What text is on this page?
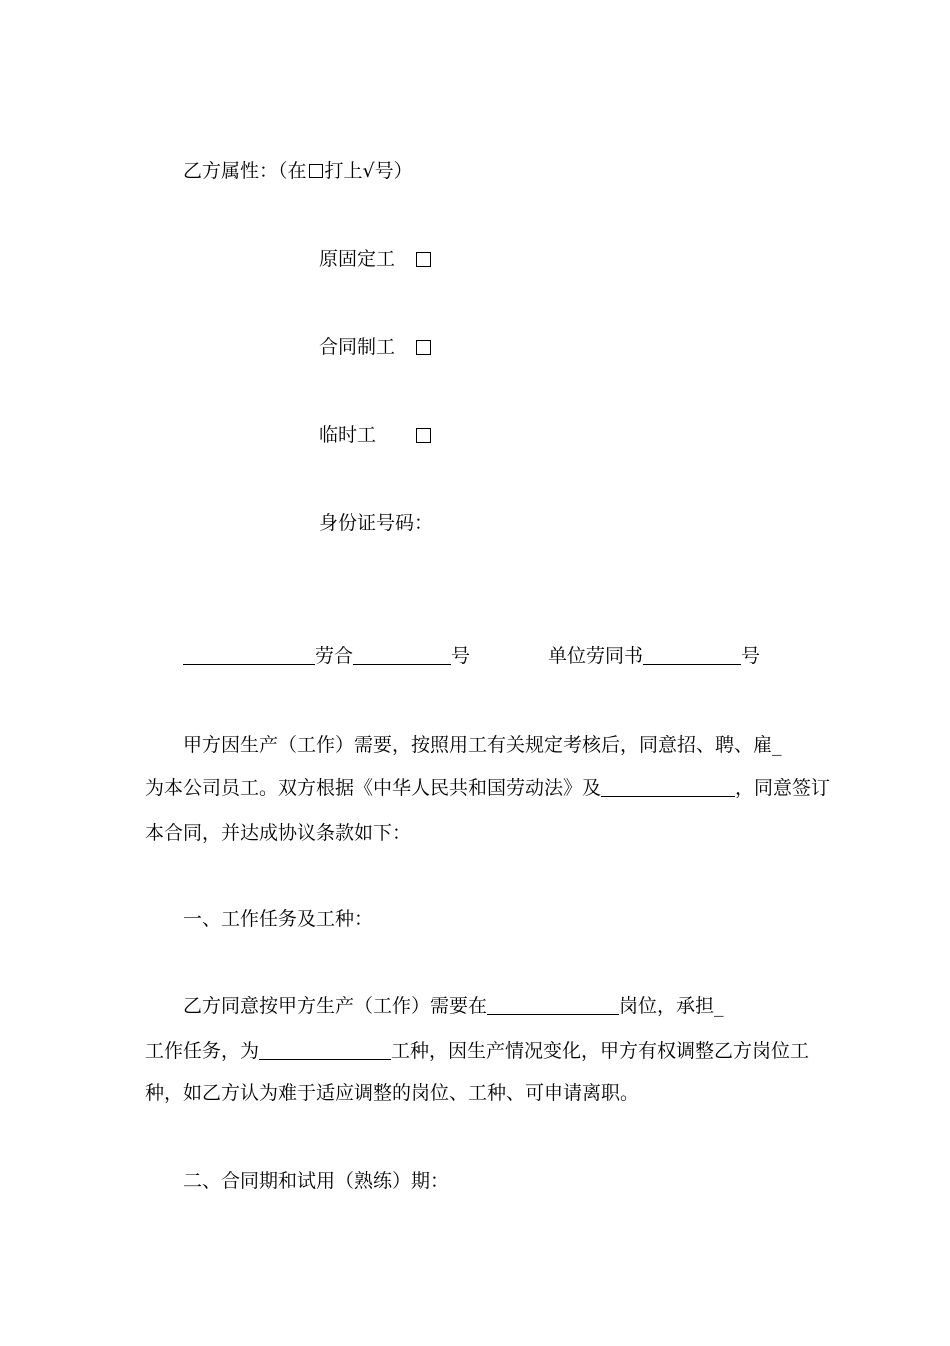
乙方属性：（在 打上√号）
原固定工
合同制工
临时工
身份证号码：
劳合	号	单位劳同书	号
甲方因生产（工作）需要，按照用工有关规定考核后，同意招、聘、雇_
为本公司员工。双方根据《中华人民共和国劳动法》及	，同意签订
本合同，并达成协议条款如下：
一、工作任务及工种：
乙方同意按甲方生产（工作）需要在	岗位，承担_
工作任务，为	工种，因生产情况变化，甲方有权调整乙方岗位工
种，如乙方认为难于适应调整的岗位、工种、可申请离职。
二、合同期和试用（熟练）期：
